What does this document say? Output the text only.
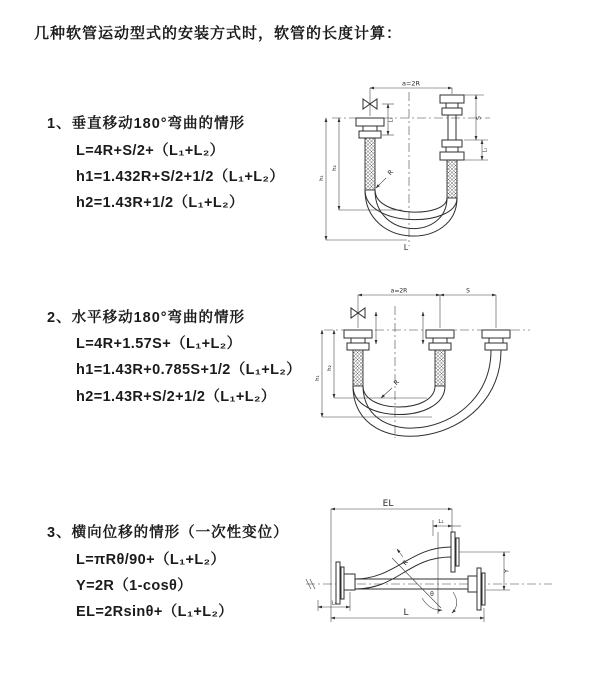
几种软管运动型式的安装方式时，软管的长度计算：
1、垂直移动180°弯曲的情形
L=4R+S/2+（L₁+L₂）
h1=1.432R+S/2+1/2（L₁+L₂）
h2=1.43R+1/2（L₁+L₂）
2、水平移动180°弯曲的情形
L=4R+1.57S+（L₁+L₂）
h1=1.43R+0.785S+1/2（L₁+L₂）
h2=1.43R+S/2+1/2（L₁+L₂）
3、横向位移的情形（一次性变位）
L=πRθ/90+（L₁+L₂）
Y=2R（1-cosθ）
EL=2Rsinθ+（L₁+L₂）
a=2R
L₁	S
L₁
R
h₁
h₂
L
a=2R	S
R
h₁
h₂
EL
L₁
θ
R
Y
L₂
L
